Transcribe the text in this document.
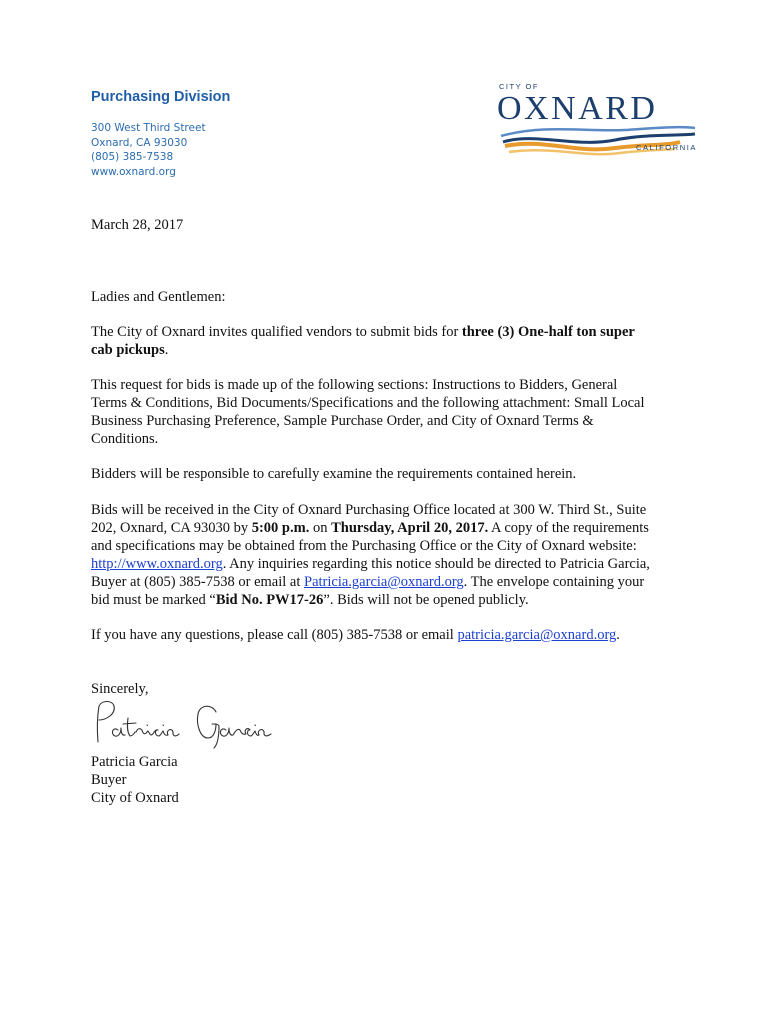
Purchasing Division
300 West Third Street
Oxnard, CA 93030
(805) 385-7538
www.oxnard.org
CITY OF
OXNARD
CALIFORNIA
March 28, 2017
Ladies and Gentlemen:
The City of Oxnard invites qualified vendors to submit bids for three (3) One-half ton super
cab pickups.
This request for bids is made up of the following sections: Instructions to Bidders, General
Terms & Conditions, Bid Documents/Specifications and the following attachment: Small Local
Business Purchasing Preference, Sample Purchase Order, and City of Oxnard Terms &
Conditions.
Bidders will be responsible to carefully examine the requirements contained herein.
Bids will be received in the City of Oxnard Purchasing Office located at 300 W. Third St., Suite
202, Oxnard, CA 93030 by 5:00 p.m. on Thursday, April 20, 2017. A copy of the requirements
and specifications may be obtained from the Purchasing Office or the City of Oxnard website:
http://www.oxnard.org. Any inquiries regarding this notice should be directed to Patricia Garcia,
Buyer at (805) 385-7538 or email at Patricia.garcia@oxnard.org. The envelope containing your
bid must be marked “Bid No. PW17-26”. Bids will not be opened publicly.
If you have any questions, please call (805) 385-7538 or email patricia.garcia@oxnard.org.
Sincerely,
Patricia Garcia
Buyer
City of Oxnard
